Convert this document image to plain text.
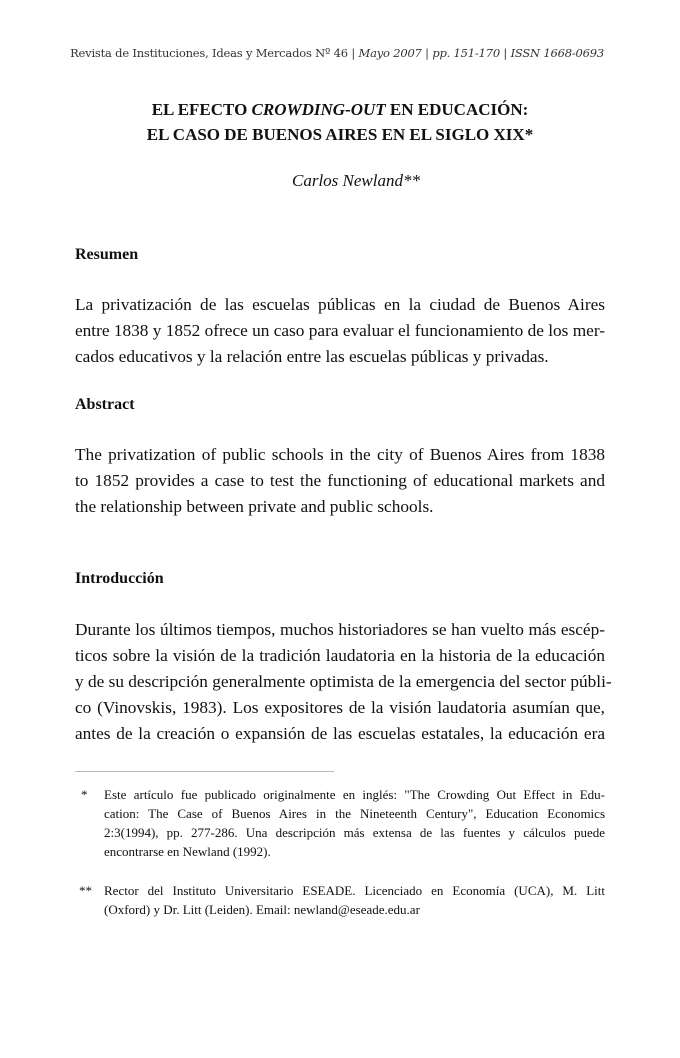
Revista de Instituciones, Ideas y Mercados Nº 46 | Mayo 2007 | pp. 151-170 | ISSN 1668-0693
EL EFECTO CROWDING-OUT EN EDUCACIÓN:
EL CASO DE BUENOS AIRES EN EL SIGLO XIX*
Carlos Newland**
Resumen
La privatización de las escuelas públicas en la ciudad de Buenos Aires
entre 1838 y 1852 ofrece un caso para evaluar el funcionamiento de los mer-
cados educativos y la relación entre las escuelas públicas y privadas.
Abstract
The privatization of public schools in the city of Buenos Aires from 1838
to 1852 provides a case to test the functioning of educational markets and
the relationship between private and public schools.
Introducción
Durante los últimos tiempos, muchos historiadores se han vuelto más escép-
ticos sobre la visión de la tradición laudatoria en la historia de la educación
y de su descripción generalmente optimista de la emergencia del sector públi-
co (Vinovskis, 1983). Los expositores de la visión laudatoria asumían que,
antes de la creación o expansión de las escuelas estatales, la educación era
*	Este artículo fue publicado originalmente en inglés: "The Crowding Out Effect in Edu-
cation: The Case of Buenos Aires in the Nineteenth Century", Education Economics
2:3(1994), pp. 277-286. Una descripción más extensa de las fuentes y cálculos puede
encontrarse en Newland (1992).
** Rector del Instituto Universitario ESEADE. Licenciado en Economía (UCA), M. Litt
(Oxford) y Dr. Litt (Leiden). Email: newland@eseade.edu.ar
